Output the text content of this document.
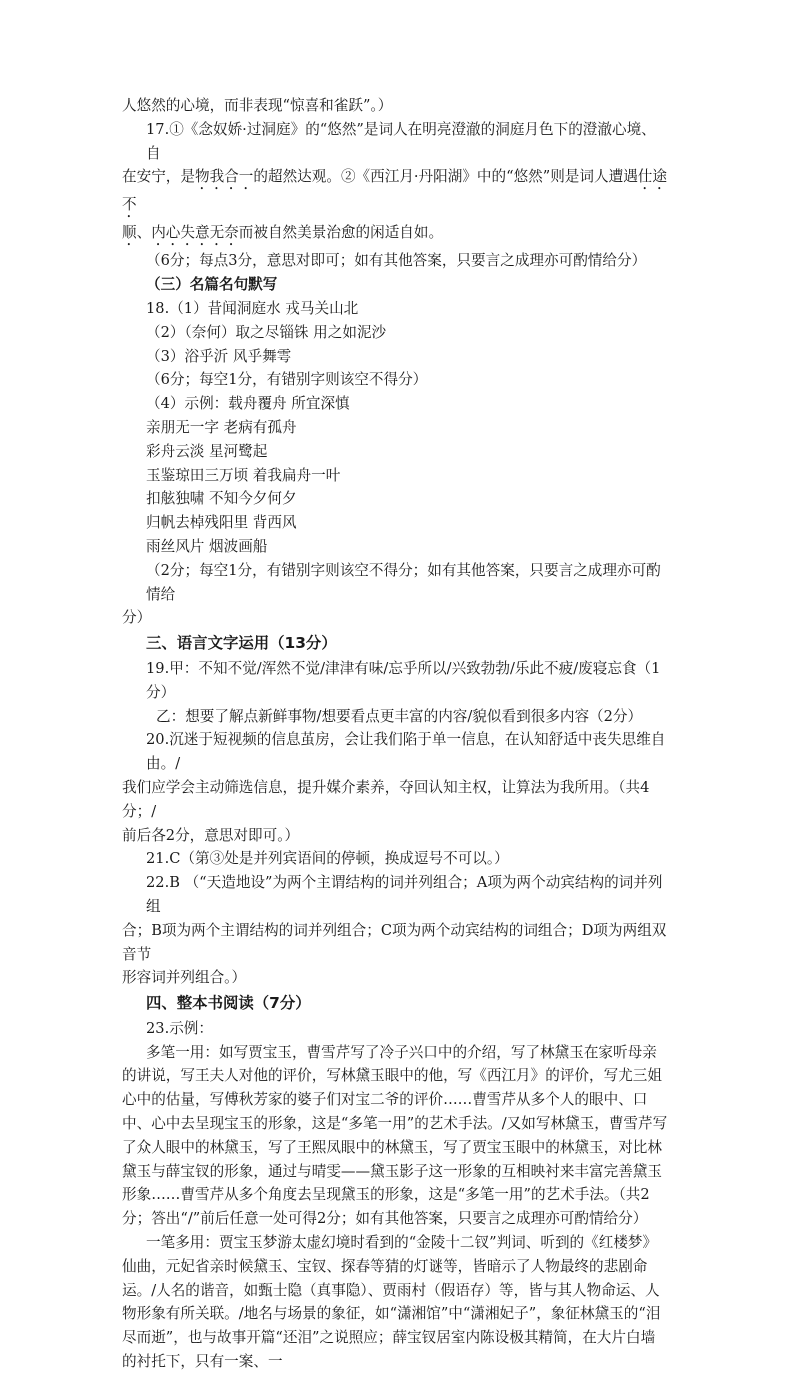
人悠然的心境，而非表现“惊喜和雀跃”。）

17.①《念奴娇·过洞庭》的“悠然”是词人在明亮澄澈的洞庭月色下的澄澈心境、自

在安宁，是物我合一的超然达观。②《西江月·丹阳湖》中的“悠然”则是词人遭遇仕途不

顺、内心失意无奈而被自然美景治愈的闲适自如。

（6分；每点3分，意思对即可；如有其他答案，只要言之成理亦可酌情给分）

（三）名篇名句默写

18.（1）昔闻洞庭水 戎马关山北

（2）（奈何）取之尽锱铢 用之如泥沙

（3）浴乎沂 风乎舞雩

（6分；每空1分，有错别字则该空不得分）

（4）示例：载舟覆舟 所宜深慎

亲朋无一字 老病有孤舟

彩舟云淡 星河鹭起

玉鉴琼田三万顷 着我扁舟一叶

扣舷独啸 不知今夕何夕

归帆去棹残阳里 背西风

雨丝风片 烟波画船

（2分；每空1分，有错别字则该空不得分；如有其他答案，只要言之成理亦可酌情给

分）

三、语言文字运用（13分）

19.甲：不知不觉/浑然不觉/津津有味/忘乎所以/兴致勃勃/乐此不疲/废寝忘食（1分）

乙：想要了解点新鲜事物/想要看点更丰富的内容/貌似看到很多内容（2分）

20.沉迷于短视频的信息茧房，会让我们陷于单一信息，在认知舒适中丧失思维自由。/

我们应学会主动筛选信息，提升媒介素养，夺回认知主权，让算法为我所用。（共4分；/

前后各2分，意思对即可。）

21.C（第③处是并列宾语间的停顿，换成逗号不可以。）

22.B （“天造地设”为两个主谓结构的词并列组合；A项为两个动宾结构的词并列组

合；B项为两个主谓结构的词并列组合；C项为两个动宾结构的词组合；D项为两组双音节

形容词并列组合。）

四、整本书阅读（7分）

23.示例：

多笔一用：如写贾宝玉，曹雪芹写了冷子兴口中的介绍，写了林黛玉在家听母亲的讲说，写王夫人对他的评价，写林黛玉眼中的他，写《西江月》的评价，写尤三姐心中的估量，写傅秋芳家的婆子们对宝二爷的评价……曹雪芹从多个人的眼中、口中、心中去呈现宝玉的形象，这是“多笔一用”的艺术手法。/又如写林黛玉，曹雪芹写了众人眼中的林黛玉，写了王熙凤眼中的林黛玉，写了贾宝玉眼中的林黛玉，对比林黛玉与薛宝钗的形象，通过与晴雯——黛玉影子这一形象的互相映衬来丰富完善黛玉形象……曹雪芹从多个角度去呈现黛玉的形象，这是“多笔一用”的艺术手法。（共2分；答出“/”前后任意一处可得2分；如有其他答案，只要言之成理亦可酌情给分）

一笔多用：贾宝玉梦游太虚幻境时看到的“金陵十二钗”判词、听到的《红楼梦》仙曲，元妃省亲时候黛玉、宝钗、探春等猜的灯谜等，皆暗示了人物最终的悲剧命运。/人名的谐音，如甄士隐（真事隐）、贾雨村（假语存）等，皆与其人物命运、人物形象有所关联。/地名与场景的象征，如“潇湘馆”中“潇湘妃子”，象征林黛玉的“泪尽而逝”，也与故事开篇“还泪”之说照应；薛宝钗居室内陈设极其精简，在大片白墙的衬托下，只有一案、一
